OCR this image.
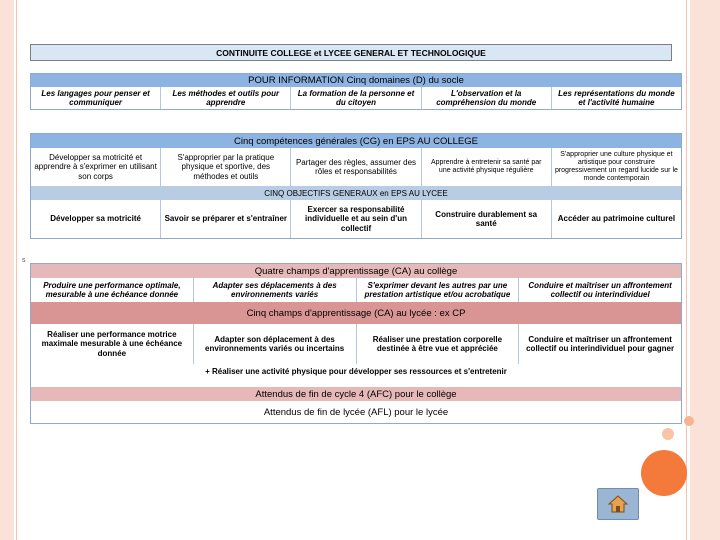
CONTINUITE COLLEGE et LYCEE GENERAL ET TECHNOLOGIQUE
POUR INFORMATION Cinq domaines (D) du socle
Les langages pour penser et communiquer
Les méthodes et outils pour apprendre
La formation de la personne et du citoyen
L'observation et la compréhension du monde
Les représentations du monde et l'activité humaine
Cinq compétences générales (CG) en EPS AU COLLEGE
Développer sa motricité et apprendre à s'exprimer en utilisant son corps
S'approprier par la pratique physique et sportive, des méthodes et outils
Partager des règles, assumer des rôles et responsabilités
Apprendre à entretenir sa santé par une activité physique régulière
S'approprier une culture physique et artistique pour construire progressivement un regard lucide sur le monde contemporain
CINQ OBJECTIFS GENERAUX en EPS AU LYCEE
Développer sa motricité	Savoir se préparer et s'entraîner
Exercer sa responsabilité individuelle et au sein d'un collectif
Construire durablement sa santé
Accéder au patrimoine culturel
s
Quatre champs d'apprentissage (CA) au collège
Produire une performance optimale, mesurable à une échéance donnée
Adapter ses déplacements à des environnements variés
S'exprimer devant les autres par une prestation artistique et/ou acrobatique
Conduire et maîtriser un affrontement collectif ou interindividuel
Cinq champs d'apprentissage (CA) au lycée : ex CP
Réaliser une performance motrice maximale mesurable à une échéance donnée
Adapter son déplacement à des environnements variés ou incertains
Réaliser une prestation corporelle destinée à être vue et appréciée
Conduire et maîtriser un affrontement collectif ou interindividuel pour gagner
+ Réaliser une activité physique pour développer ses ressources et s'entretenir
Attendus de fin de cycle 4 (AFC) pour le collège
Attendus de fin de lycée (AFL) pour le lycée
